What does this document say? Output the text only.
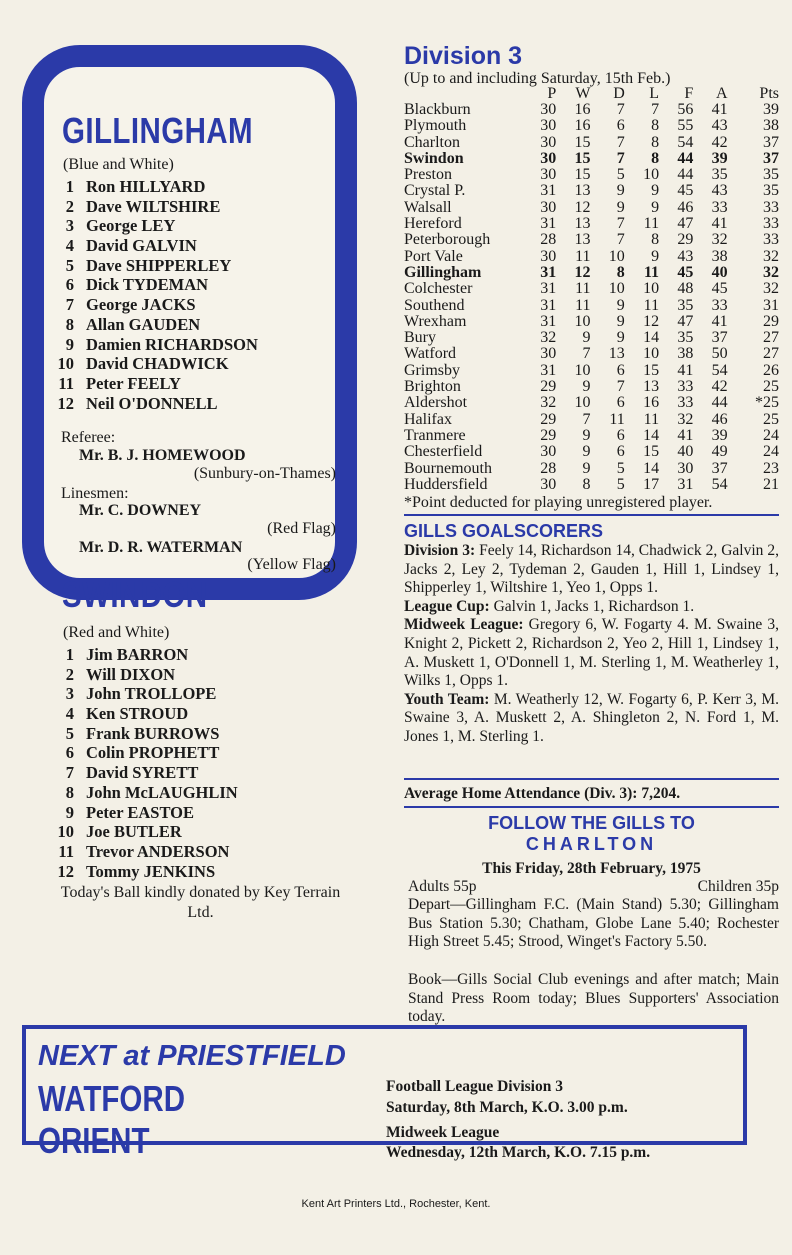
GILLINGHAM
(Blue and White)
1 Ron HILLYARD
2 Dave WILTSHIRE
3 George LEY
4 David GALVIN
5 Dave SHIPPERLEY
6 Dick TYDEMAN
7 George JACKS
8 Allan GAUDEN
9 Damien RICHARDSON
10 David CHADWICK
11 Peter FEELY
12 Neil O'DONNELL
Referee:
Mr. B. J. HOMEWOOD
(Sunbury-on-Thames)
Linesmen:
Mr. C. DOWNEY
(Red Flag)
Mr. D. R. WATERMAN
(Yellow Flag)
SWINDON
(Red and White)
1 Jim BARRON
2 Will DIXON
3 John TROLLOPE
4 Ken STROUD
5 Frank BURROWS
6 Colin PROPHETT
7 David SYRETT
8 John McLAUGHLIN
9 Peter EASTOE
10 Joe BUTLER
11 Trevor ANDERSON
12 Tommy JENKINS
Today's Ball kindly donated by Key Terrain Ltd.
Division 3
(Up to and including Saturday, 15th Feb.)
	P	W	D	L	F	A	Pts
Blackburn	30	16	7	7	56	41	39
Plymouth	30	16	6	8	55	43	38
Charlton	30	15	7	8	54	42	37
Swindon	30	15	7	8	44	39	37
Preston	30	15	5	10	44	35	35
Crystal P.	31	13	9	9	45	43	35
Walsall	30	12	9	9	46	33	33
Hereford	31	13	7	11	47	41	33
Peterborough	28	13	7	8	29	32	33
Port Vale	30	11	10	9	43	38	32
Gillingham	31	12	8	11	45	40	32
Colchester	31	11	10	10	48	45	32
Southend	31	11	9	11	35	33	31
Wrexham	31	10	9	12	47	41	29
Bury	32	9	9	14	35	37	27
Watford	30	7	13	10	38	50	27
Grimsby	31	10	6	15	41	54	26
Brighton	29	9	7	13	33	42	25
Aldershot	32	10	6	16	33	44	*25
Halifax	29	7	11	11	32	46	25
Tranmere	29	9	6	14	41	39	24
Chesterfield	30	9	6	15	40	49	24
Bournemouth	28	9	5	14	30	37	23
Huddersfield	30	8	5	17	31	54	21
*Point deducted for playing unregistered player.
GILLS GOALSCORERS
Division 3: Feely 14, Richardson 14, Chadwick 2, Galvin 2, Jacks 2, Ley 2, Tydeman 2, Gauden 1, Hill 1, Lindsey 1, Shipperley 1, Wiltshire 1, Yeo 1, Opps 1.
League Cup: Galvin 1, Jacks 1, Richardson 1.
Midweek League: Gregory 6, W. Fogarty 4. M. Swaine 3, Knight 2, Pickett 2, Richardson 2, Yeo 2, Hill 1, Lindsey 1, A. Muskett 1, O'Donnell 1, M. Sterling 1, M. Weatherley 1, Wilks 1, Opps 1.
Youth Team: M. Weatherly 12, W. Fogarty 6, P. Kerr 3, M. Swaine 3, A. Muskett 2, A. Shingleton 2, N. Ford 1, M. Jones 1, M. Sterling 1.
Average Home Attendance (Div. 3): 7,204.
FOLLOW THE GILLS TO
CHARLTON
This Friday, 28th February, 1975
Adults 55p	Children 35p
Depart—Gillingham F.C. (Main Stand) 5.30; Gillingham Bus Station 5.30; Chatham, Globe Lane 5.40; Rochester High Street 5.45; Strood, Winget's Factory 5.50.
Book—Gills Social Club evenings and after match; Main Stand Press Room today; Blues Supporters' Association today.
NEXT at PRIESTFIELD
WATFORD
ORIENT
Football League Division 3
Saturday, 8th March, K.O. 3.00 p.m.
Midweek League
Wednesday, 12th March, K.O. 7.15 p.m.
Kent Art Printers Ltd., Rochester, Kent.
